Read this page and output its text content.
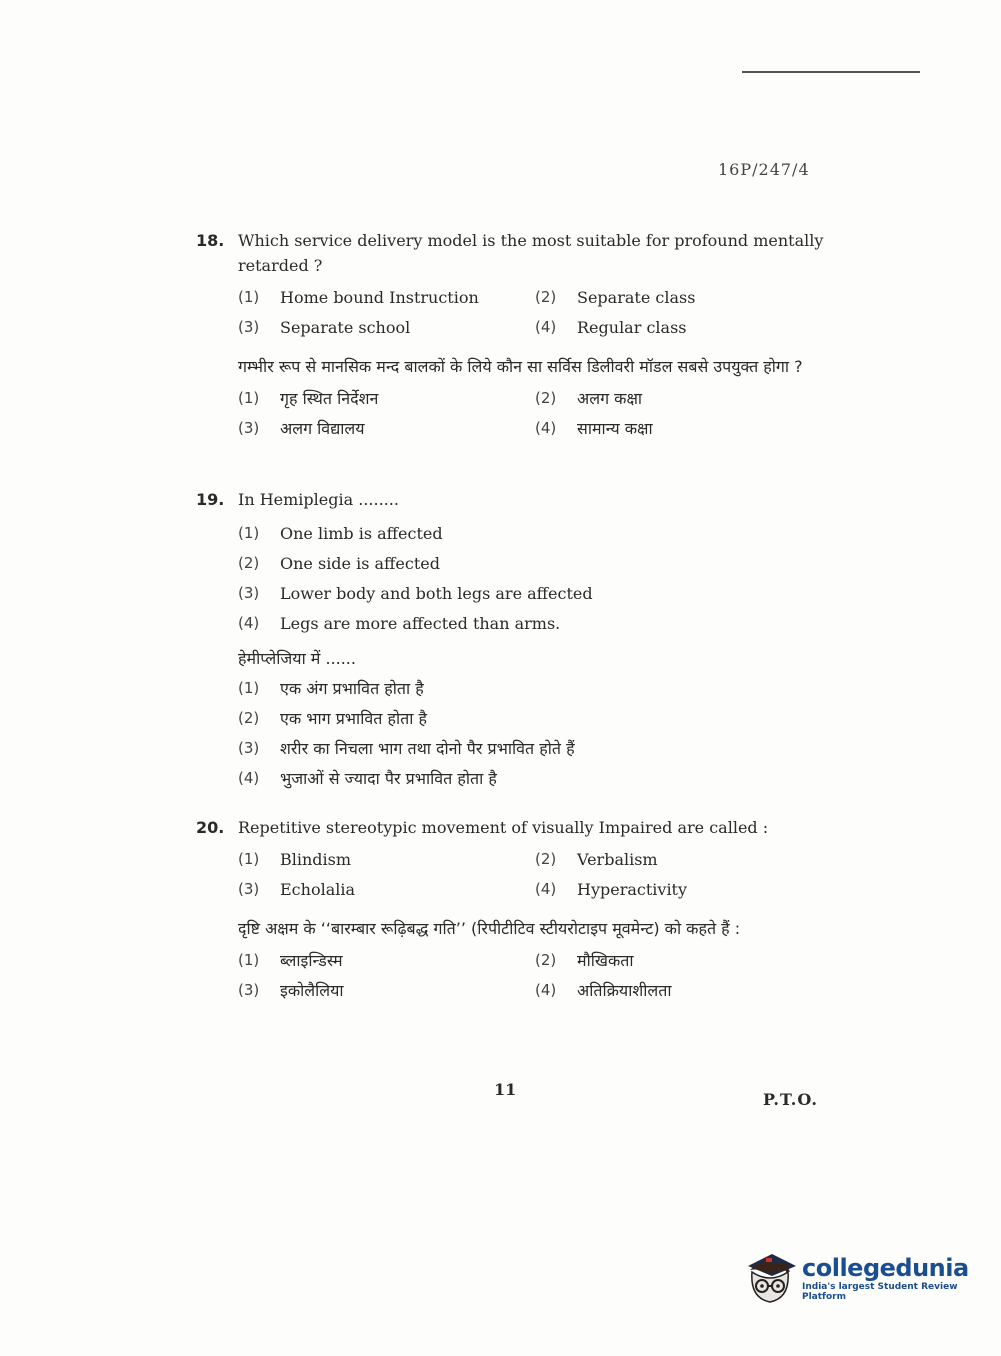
16P/247/4
18. Which service delivery model is the most suitable for profound mentally retarded ?
(1)	Home bound Instruction	(2)	Separate class
(3)	Separate school	(4)	Regular class
गम्भीर रूप से मानसिक मन्द बालकों के लिये कौन सा सर्विस डिलीवरी मॉडल सबसे उपयुक्त होगा ?
(1)	गृह स्थित निर्देशन	(2)	अलग कक्षा
(3)	अलग विद्यालय	(4)	सामान्य कक्षा
19. In Hemiplegia ........
(1)	One limb is affected
(2)	One side is affected
(3)	Lower body and both legs are affected
(4)	Legs are more affected than arms.
हेमीप्लेजिया में ......
(1)	एक अंग प्रभावित होता है
(2)	एक भाग प्रभावित होता है
(3)	शरीर का निचला भाग तथा दोनो पैर प्रभावित होते हैं
(4)	भुजाओं से ज्यादा पैर प्रभावित होता है
20. Repetitive stereotypic movement of visually Impaired are called :
(1)	Blindism	(2)	Verbalism
(3)	Echolalia	(4)	Hyperactivity
दृष्टि अक्षम के ‘‘बारम्बार रूढ़िबद्ध गति’’ (रिपीटीटिव स्टीयरोटाइप मूवमेन्ट) को कहते हैं :
(1)	ब्लाइन्डिस्म	(2)	मौखिकता
(3)	इकोलैलिया	(4)	अतिक्रियाशीलता
11
P.T.O.
collegedunia
India's largest Student Review Platform
